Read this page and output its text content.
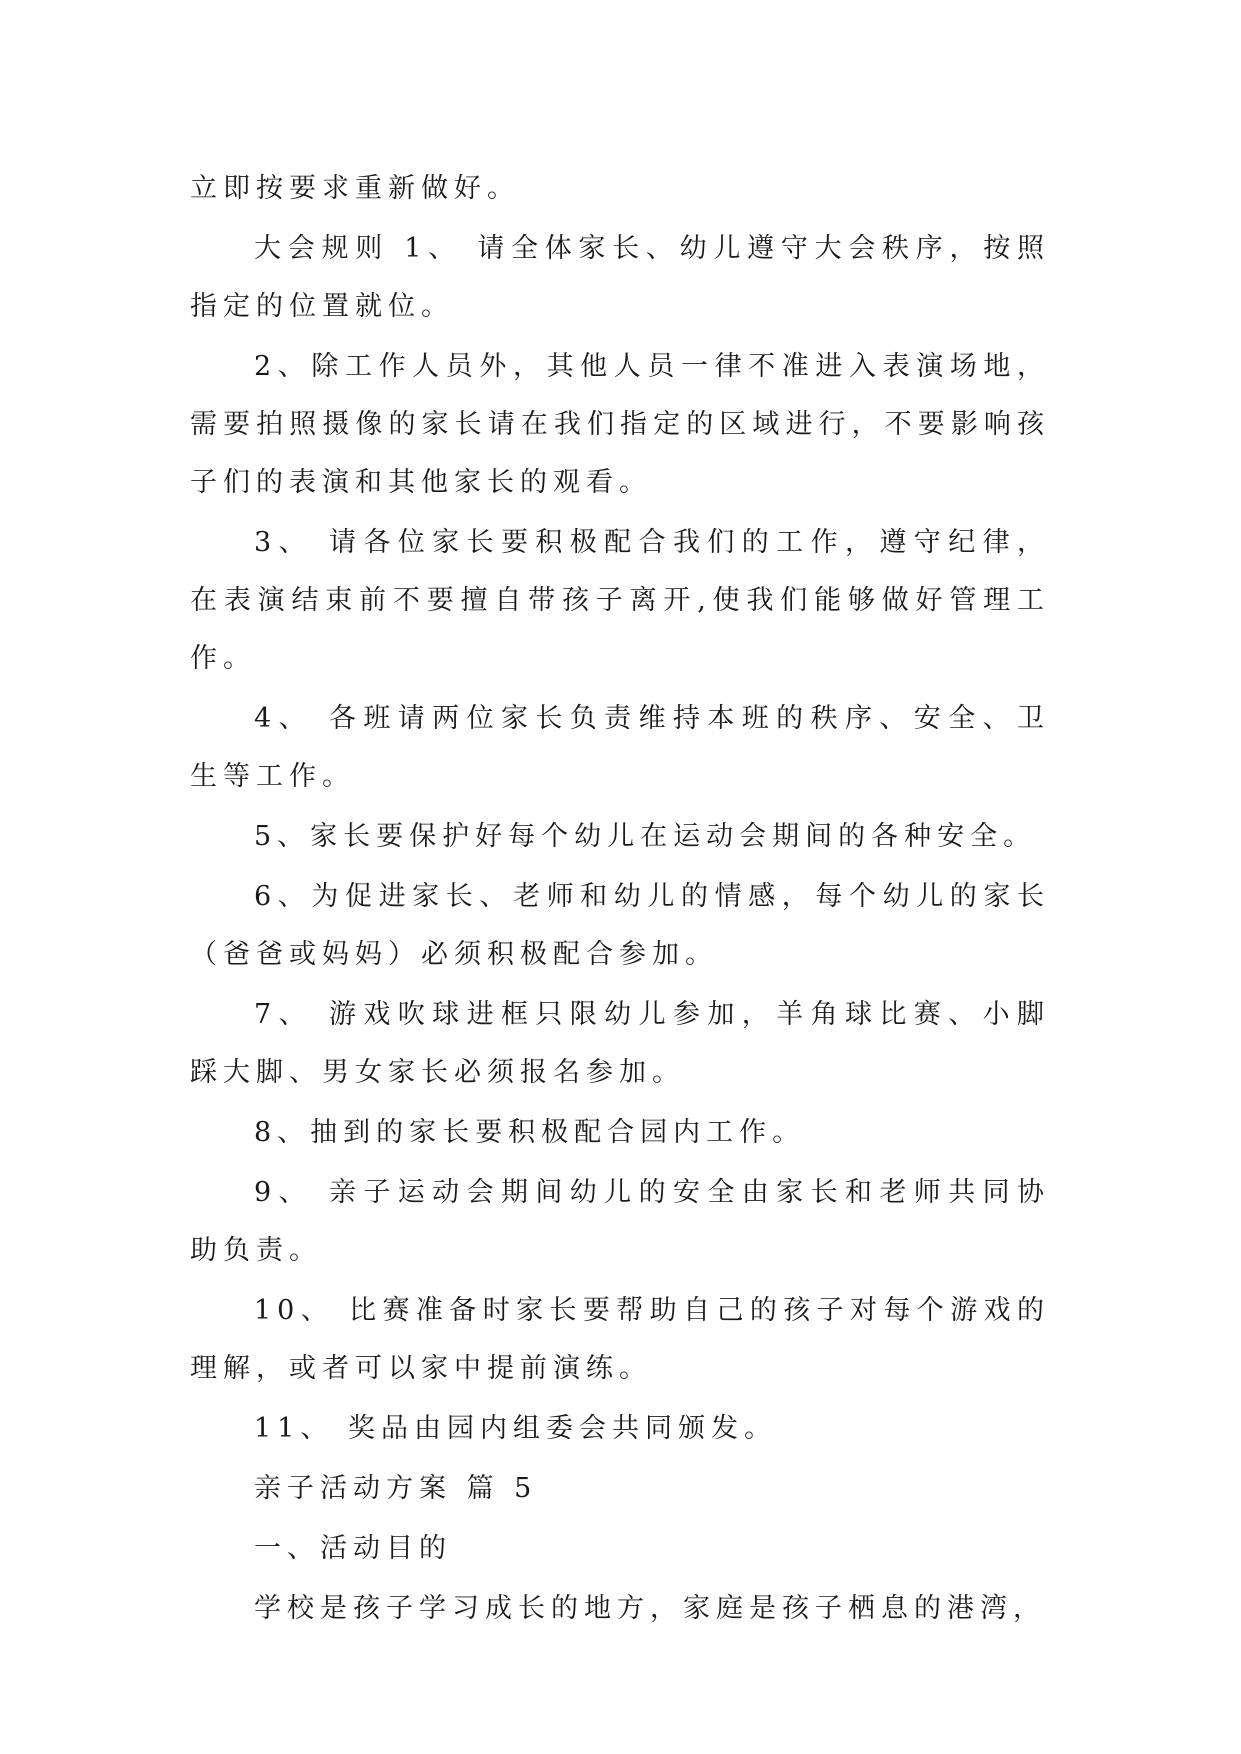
立即按要求重新做好。

大会规则 1、 请全体家长、幼儿遵守大会秩序，按照指定的位置就位。

2、除工作人员外，其他人员一律不准进入表演场地，需要拍照摄像的家长请在我们指定的区域进行，不要影响孩子们的表演和其他家长的观看。

3、 请各位家长要积极配合我们的工作，遵守纪律，在表演结束前不要擅自带孩子离开,使我们能够做好管理工作。

4、 各班请两位家长负责维持本班的秩序、安全、卫生等工作。

5、家长要保护好每个幼儿在运动会期间的各种安全。

6、为促进家长、老师和幼儿的情感，每个幼儿的家长（爸爸或妈妈）必须积极配合参加。

7、 游戏吹球进框只限幼儿参加，羊角球比赛、小脚踩大脚、男女家长必须报名参加。

8、抽到的家长要积极配合园内工作。

9、 亲子运动会期间幼儿的安全由家长和老师共同协助负责。

10、 比赛准备时家长要帮助自己的孩子对每个游戏的理解，或者可以家中提前演练。

11、 奖品由园内组委会共同颁发。

亲子活动方案 篇 5

一、活动目的

学校是孩子学习成长的地方，家庭是孩子栖息的港湾，
